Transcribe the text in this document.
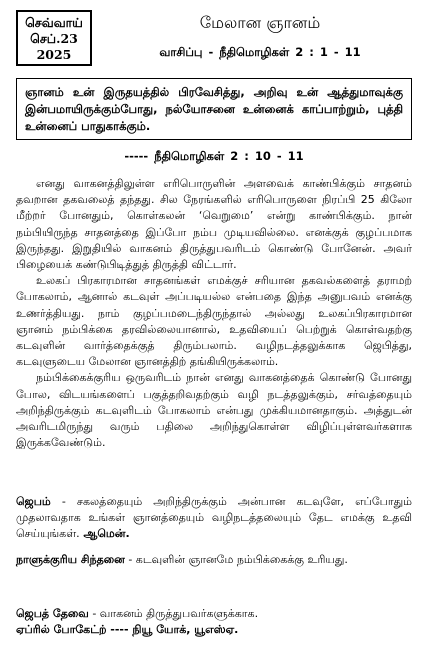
செவ்வாய்
செப்.23
2025
மேலான ஞானம்
வாசிப்பு - நீதிமொழிகள் 2 : 1 - 11
ஞானம் உன் இருதயத்தில் பிரவேசித்து, அறிவு உன் ஆத்துமாவுக்கு இன்பமாயிருக்கும்போது, நல்யோசனை உன்னைக் காப்பாற்றும், புத்தி உன்னைப் பாதுகாக்கும்.
----- நீதிமொழிகள் 2 : 10 - 11

எனது வாகனத்திலுள்ள எரிபொருளின் அளவைக் காண்பிக்கும் சாதனம் தவறான தகவலைத் தந்தது. சில நேரங்களில் எரிபொருளை நிரப்பி 25 கிலோ மீற்றர் போனதும், கொள்கலன் ‘வெறுமை’ என்று காண்பிக்கும். நான் நம்பியிருந்த சாதனத்தை இப்போ நம்ப முடியவில்லை. எனக்குக் குழப்பமாக இருந்தது. இறுதியில் வாகனம் திருத்துபவரிடம் கொண்டு போனேன். அவர் பிழையைக் கண்டுபிடித்துத் திருத்தி விட்டார்.

உலகப் பிரகாரமான சாதனங்கள் எமக்குச் சரியான தகவல்களைத் தராமற் போகலாம், ஆனால் கடவுள் அப்படியல்ல என்பதை இந்த அனுபவம் எனக்கு உணர்த்தியது. நாம் குழப்பமடைந்திருந்தால் அல்லது உலகப்பிரகாரமான ஞானம் நம்பிக்கை தரவில்லையானால், உதவியைப் பெற்றுக் கொள்வதற்கு கடவுளின் வார்த்தைக்குத் திரும்பலாம். வழிநடத்தலுக்காக ஜெபித்து, கடவுளுடைய மேலான ஞானத்திற் தங்கியிருக்கலாம்.

நம்பிக்கைக்குரிய ஒருவரிடம் நான் எனது வாகனத்தைக் கொண்டு போனது போல, விடயங்களைப் பகுத்தறிவதற்கும் வழி நடத்தலுக்கும், சர்வத்தையும் அறிந்திருக்கும் கடவுளிடம் போகலாம் என்பது முக்கியமானதாகும். அத்துடன் அவரிடமிருந்து வரும் பதிலை அறிந்துகொள்ள விழிப்புள்ளவர்களாக இருக்கவேண்டும்.

ஜெபம் - சகலத்தையும் அறிந்திருக்கும் அன்பான கடவுளே, எப்போதும் முதலாவதாக உங்கள் ஞானத்தையும் வழிநடத்தலையும் தேட எமக்கு உதவி செய்யுங்கள். ஆமென்.
நாளுக்குரிய சிந்தனை - கடவுளின் ஞானமே நம்பிக்கைக்கு உரியது.
ஜெபத் தேவை - வாகனம் திருத்துபவர்களுக்காக.
ஏப்ரில் போகேட்ற் ---- நியூ யோக், யூஎஸ்ஏ.
